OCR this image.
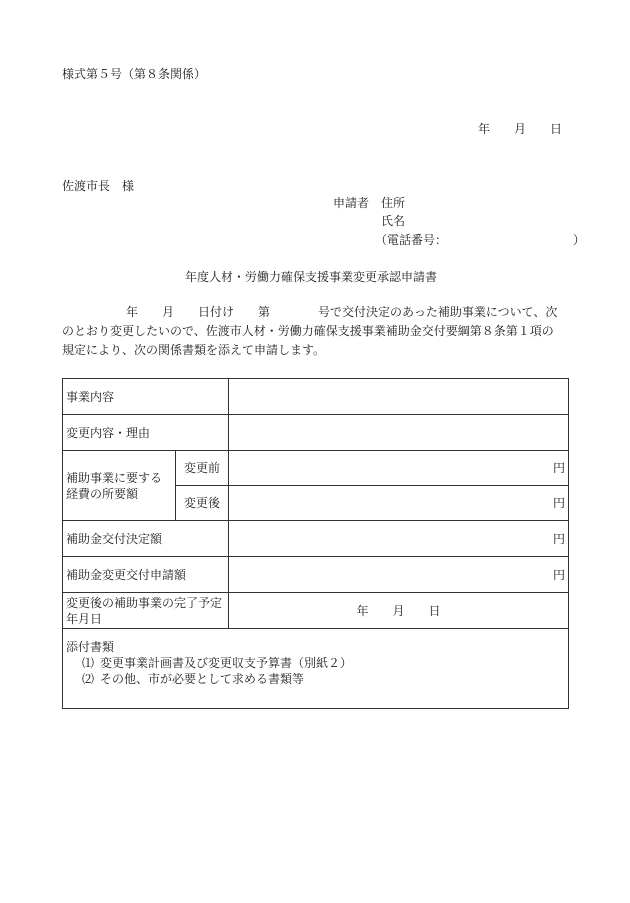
様式第５号（第８条関係）
年　　月　　日
佐渡市長　様
申請者 住所
氏名
（電話番号：　　　　　　　　　　　）
年度人材・労働力確保支援事業変更承認申請書
年　　月　　日付け　　第　　　　号で交付決定のあった補助事業について、次
のとおり変更したいので、佐渡市人材・労働力確保支援事業補助金交付要綱第８条第１項の
規定により、次の関係書類を添えて申請します。
事業内容		
変更内容・理由		
補助事業に要する
経費の所要額	変更前	円
	変更後	円
補助金交付決定額		円
補助金変更交付申請額		円
変更後の補助事業の完了予定
年月日		年　　月　　日

添付書類
⑴ 変更事業計画書及び変更収支予算書（別紙２）
⑵ その他、市が必要として求める書類等		
